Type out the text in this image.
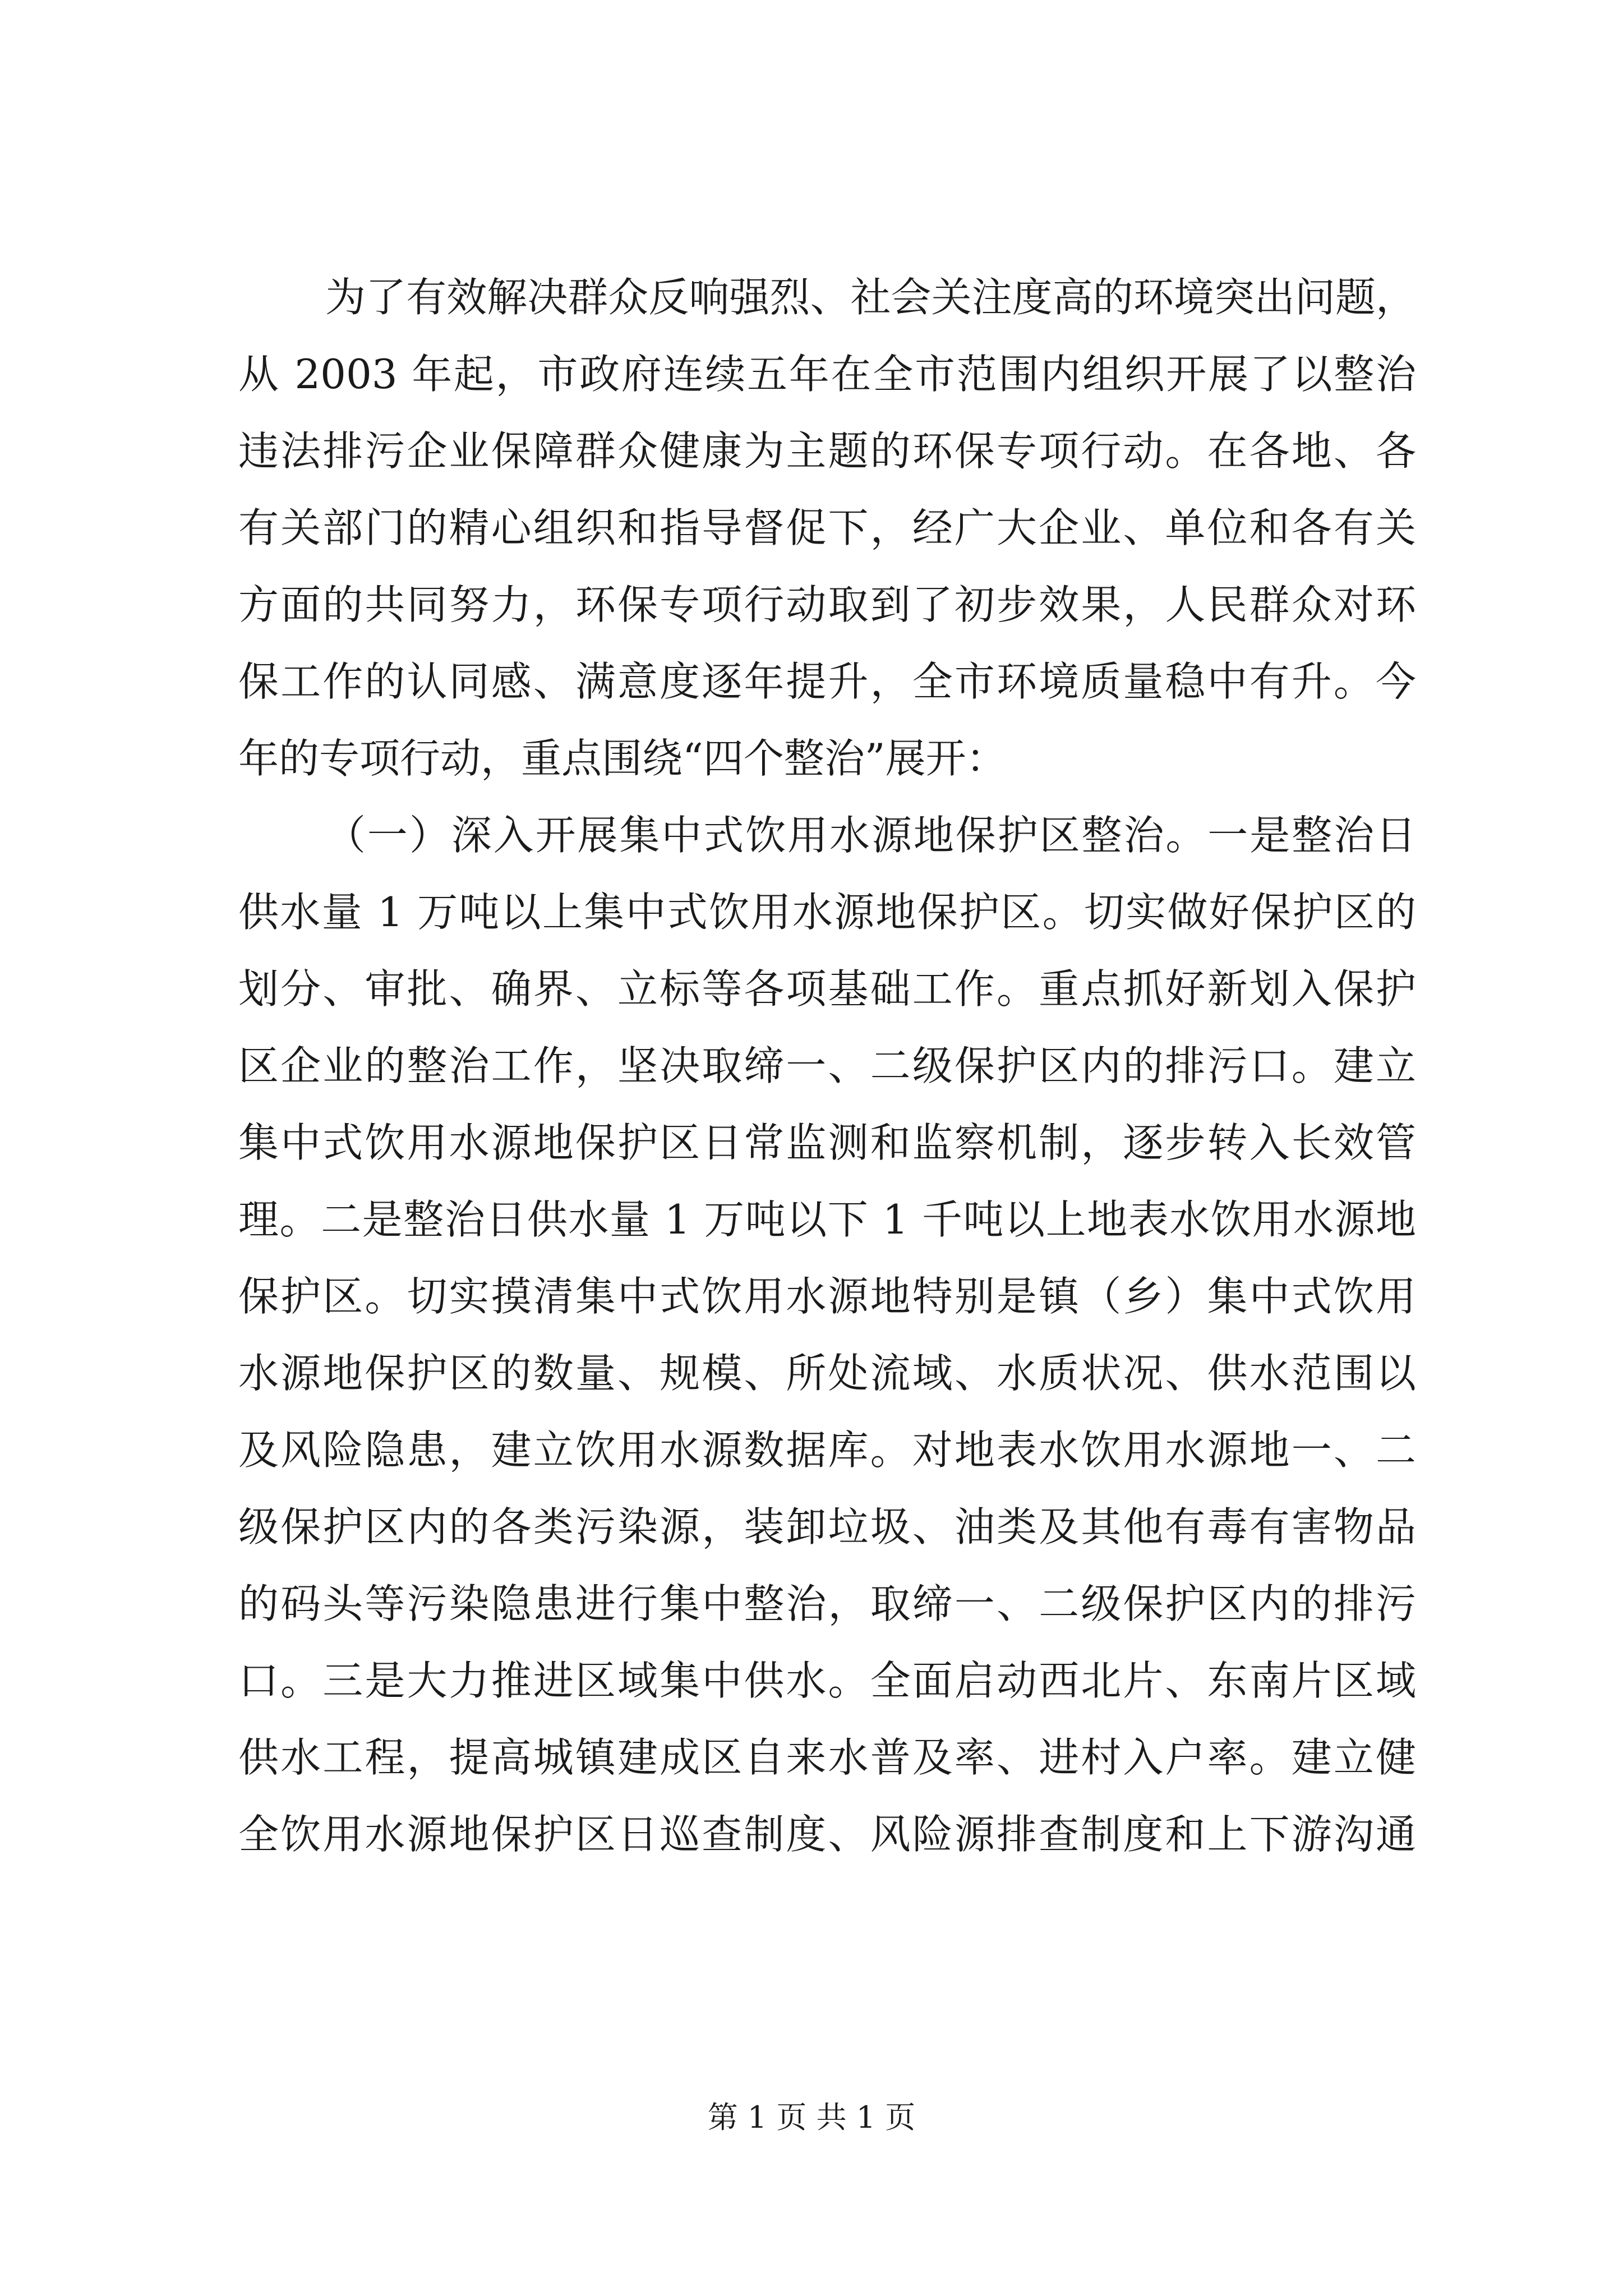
为了有效解决群众反响强烈、社会关注度高的环境突出问题，
从 2003 年起，市政府连续五年在全市范围内组织开展了以整治
违法排污企业保障群众健康为主题的环保专项行动。在各地、各
有关部门的精心组织和指导督促下，经广大企业、单位和各有关
方面的共同努力，环保专项行动取到了初步效果，人民群众对环
保工作的认同感、满意度逐年提升，全市环境质量稳中有升。今
年的专项行动，重点围绕“四个整治”展开：
（一）深入开展集中式饮用水源地保护区整治。一是整治日
供水量 1 万吨以上集中式饮用水源地保护区。切实做好保护区的
划分、审批、确界、立标等各项基础工作。重点抓好新划入保护
区企业的整治工作，坚决取缔一、二级保护区内的排污口。建立
集中式饮用水源地保护区日常监测和监察机制，逐步转入长效管
理。二是整治日供水量 1 万吨以下 1 千吨以上地表水饮用水源地
保护区。切实摸清集中式饮用水源地特别是镇（乡）集中式饮用
水源地保护区的数量、规模、所处流域、水质状况、供水范围以
及风险隐患，建立饮用水源数据库。对地表水饮用水源地一、二
级保护区内的各类污染源，装卸垃圾、油类及其他有毒有害物品
的码头等污染隐患进行集中整治，取缔一、二级保护区内的排污
口。三是大力推进区域集中供水。全面启动西北片、东南片区域
供水工程，提高城镇建成区自来水普及率、进村入户率。建立健
全饮用水源地保护区日巡查制度、风险源排查制度和上下游沟通
第 1 页 共 1 页
